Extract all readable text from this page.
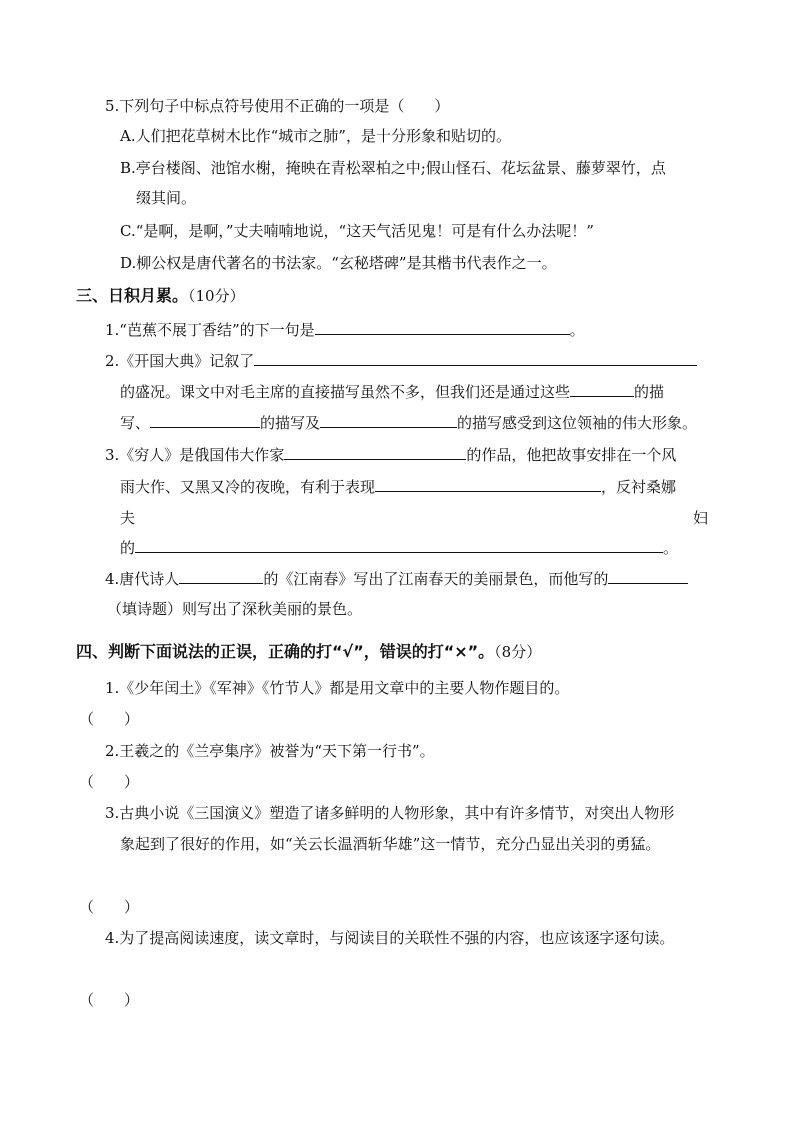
5.下列句子中标点符号使用不正确的一项是（　　）
A.人们把花草树木比作“城市之肺”，是十分形象和贴切的。
B.亭台楼阁、池馆水榭，掩映在青松翠柏之中;假山怪石、花坛盆景、藤萝翠竹，点
缀其间。
C.“是啊，是啊，”丈夫喃喃地说，“这天气活见鬼！可是有什么办法呢！”
D.柳公权是唐代著名的书法家。“玄秘塔碑”是其楷书代表作之一。
三、日积月累。（10分）
1.“芭蕉不展丁香结”的下一句是	。
2.《开国大典》记叙了
的盛况。课文中对毛主席的直接描写虽然不多，但我们还是通过这些	的描
写、	的描写及	的描写感受到这位领袖的伟大形象。
3.《穷人》是俄国伟大作家	的作品，他把故事安排在一个风
雨大作、又黑又冷的夜晚，有利于表现	，反衬桑娜
夫	妇
的	。
4.唐代诗人	的《江南春》写出了江南春天的美丽景色，而他写的
（填诗题）则写出了深秋美丽的景色。
四、判断下面说法的正误，正确的打“√”，错误的打“×”。（8分）
1.《少年闰土》《军神》《竹节人》都是用文章中的主要人物作题目的。
（　　）
2.王羲之的《兰亭集序》被誉为“天下第一行书”。
（　　）
3.古典小说《三国演义》塑造了诸多鲜明的人物形象，其中有许多情节，对突出人物形
象起到了很好的作用，如“关云长温酒斩华雄”这一情节，充分凸显出关羽的勇猛。
（　　）
4.为了提高阅读速度，读文章时，与阅读目的关联性不强的内容，也应该逐字逐句读。
（　　）
